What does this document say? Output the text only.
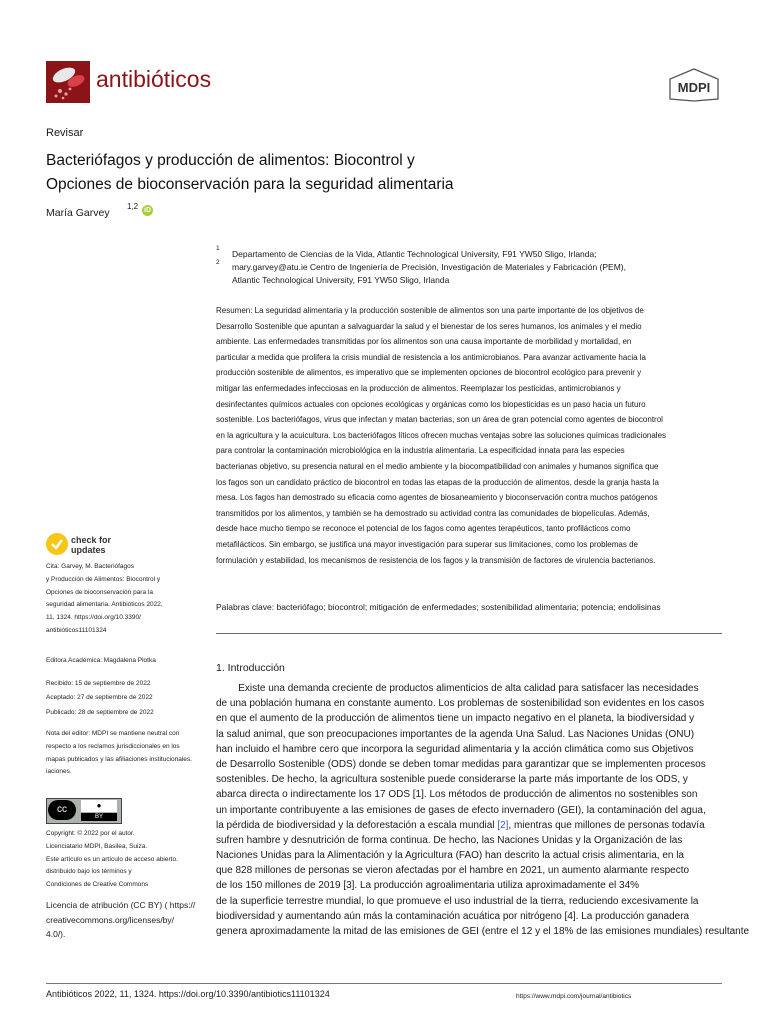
antibióticos	MDPI
Revisar
Bacteriófagos y producción de alimentos: Biocontrol y
Opciones de bioconservación para la seguridad alimentaria
María Garvey
1,2 iD
1
2
Departamento de Ciencias de la Vida, Atlantic Technological University, F91 YW50 Sligo, Irlanda;
mary.garvey@atu.ie Centro de Ingeniería de Precisión, Investigación de Materiales y Fabricación (PEM),
Atlantic Technological University, F91 YW50 Sligo, Irlanda
Resumen: La seguridad alimentaria y la producción sostenible de alimentos son una parte importante de los objetivos de
Desarrollo Sostenible que apuntan a salvaguardar la salud y el bienestar de los seres humanos, los animales y el medio
ambiente. Las enfermedades transmitidas por los alimentos son una causa importante de morbilidad y mortalidad, en
particular a medida que prolifera la crisis mundial de resistencia a los antimicrobianos. Para avanzar activamente hacia la
producción sostenible de alimentos, es imperativo que se implementen opciones de biocontrol ecológico para prevenir y
mitigar las enfermedades infecciosas en la producción de alimentos. Reemplazar los pesticidas, antimicrobianos y
desinfectantes químicos actuales con opciones ecológicas y orgánicas como los biopesticidas es un paso hacia un futuro
sostenible. Los bacteriófagos, virus que infectan y matan bacterias, son un área de gran potencial como agentes de biocontrol
en la agricultura y la acuicultura. Los bacteriófagos líticos ofrecen muchas ventajas sobre las soluciones químicas tradicionales
para controlar la contaminación microbiológica en la industria alimentaria. La especificidad innata para las especies
bacterianas objetivo, su presencia natural en el medio ambiente y la biocompatibilidad con animales y humanos significa que
los fagos son un candidato práctico de biocontrol en todas las etapas de la producción de alimentos, desde la granja hasta la
mesa. Los fagos han demostrado su eficacia como agentes de biosaneamiento y bioconservación contra muchos patógenos
transmitidos por los alimentos, y también se ha demostrado su actividad contra las comunidades de biopelículas. Además,
desde hace mucho tiempo se reconoce el potencial de los fagos como agentes terapéuticos, tanto profilácticos como
metafilácticos. Sin embargo, se justifica una mayor investigación para superar sus limitaciones, como los problemas de
formulación y estabilidad, los mecanismos de resistencia de los fagos y la transmisión de factores de virulencia bacterianos.
Palabras clave: bacteriófago; biocontrol; mitigación de enfermedades; sostenibilidad alimentaria; potencia; endolisinas
1. Introducción
Existe una demanda creciente de productos alimenticios de alta calidad para satisfacer las necesidades
de una población humana en constante aumento. Los problemas de sostenibilidad son evidentes en los casos
en que el aumento de la producción de alimentos tiene un impacto negativo en el planeta, la biodiversidad y
la salud animal, que son preocupaciones importantes de la agenda Una Salud. Las Naciones Unidas (ONU)
han incluido el hambre cero que incorpora la seguridad alimentaria y la acción climática como sus Objetivos
de Desarrollo Sostenible (ODS) donde se deben tomar medidas para garantizar que se implementen procesos
sostenibles. De hecho, la agricultura sostenible puede considerarse la parte más importante de los ODS, y
abarca directa o indirectamente los 17 ODS [1]. Los métodos de producción de alimentos no sostenibles son
un importante contribuyente a las emisiones de gases de efecto invernadero (GEI), la contaminación del agua,
la pérdida de biodiversidad y la deforestación a escala mundial [2], mientras que millones de personas todavía
sufren hambre y desnutrición de forma continua. De hecho, las Naciones Unidas y la Organización de las
Naciones Unidas para la Alimentación y la Agricultura (FAO) han descrito la actual crisis alimentaria, en la
que 828 millones de personas se vieron afectadas por el hambre en 2021, un aumento alarmante respecto
de los 150 millones de 2019 [3]. La producción agroalimentaria utiliza aproximadamente el 34%
de la superficie terrestre mundial, lo que promueve el uso industrial de la tierra, reduciendo excesivamente la
biodiversidad y aumentando aún más la contaminación acuática por nitrógeno [4]. La producción ganadera
genera aproximadamente la mitad de las emisiones de GEI (entre el 12 y el 18% de las emisiones mundiales) resultante
check for
updates
Cita: Garvey, M. Bacteriófagos
y Producción de Alimentos: Biocontrol y
Opciones de bioconservación para la
seguridad alimentaria. Antibióticos 2022,
11, 1324. https://doi.org/10.3390/
antibióticos11101324
Editora Académica: Magdalena Plotka
Recibido: 15 de septiembre de 2022
Aceptado: 27 de septiembre de 2022
Publicado: 28 de septiembre de 2022
Nota del editor: MDPI se mantiene neutral con
respecto a los reclamos jurisdiccionales en los
mapas publicados y las afiliaciones institucionales.
iaciones.
cc	●
BY
Copyright: © 2022 por el autor.
Licenciatario MDPI, Basilea, Suiza.
Este artículo es un artículo de acceso abierto.
distribuido bajo los términos y
Condiciones de Creative Commons
Licencia de atribución (CC BY) ( https://
creativecommons.org/licenses/by/
4.0/).
Antibióticos 2022, 11, 1324. https://doi.org/10.3390/antibiotics11101324	https://www.mdpi.com/journal/antibiotics
